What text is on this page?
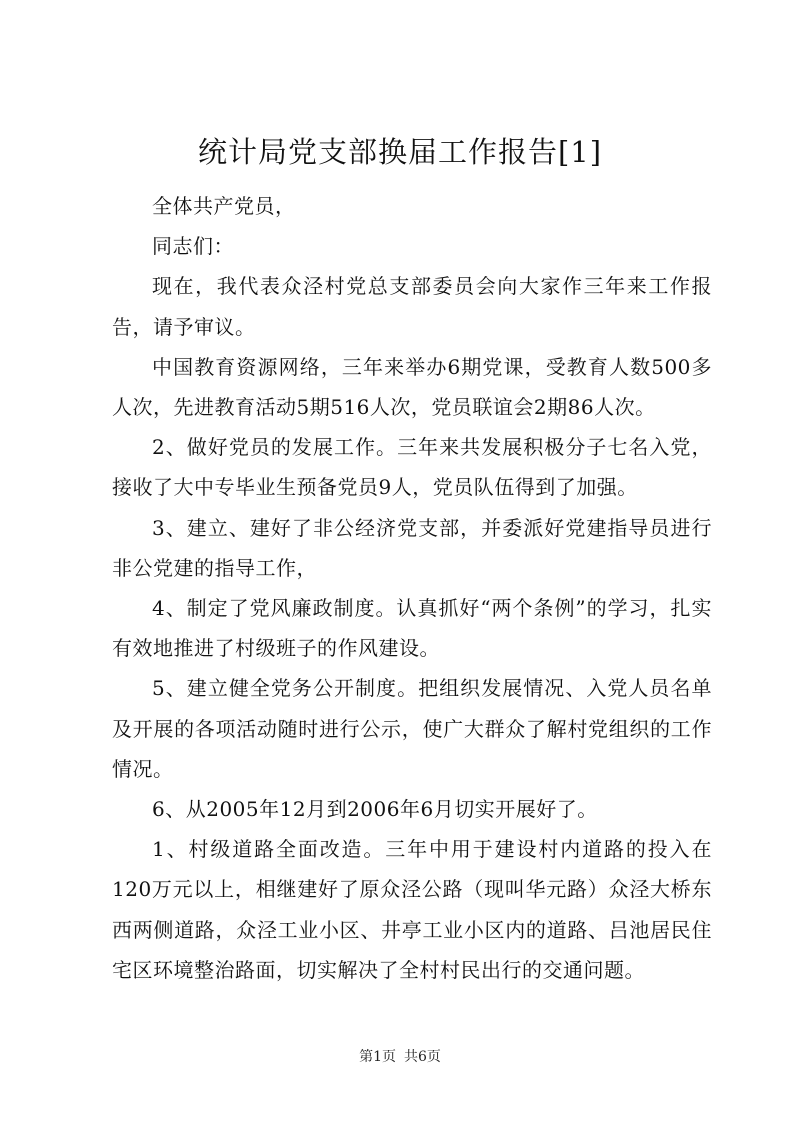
统计局党支部换届工作报告[1]

全体共产党员，

同志们：

现在，我代表众泾村党总支部委员会向大家作三年来工作报告，请予审议。

中国教育资源网络，三年来举办6期党课，受教育人数500多人次，先进教育活动5期516人次，党员联谊会2期86人次。

2、做好党员的发展工作。三年来共发展积极分子七名入党，接收了大中专毕业生预备党员9人，党员队伍得到了加强。

3、建立、建好了非公经济党支部，并委派好党建指导员进行非公党建的指导工作，

4、制定了党风廉政制度。认真抓好“两个条例”的学习，扎实有效地推进了村级班子的作风建设。

5、建立健全党务公开制度。把组织发展情况、入党人员名单及开展的各项活动随时进行公示，使广大群众了解村党组织的工作情况。

6、从2005年12月到2006年6月切实开展好了。

1、村级道路全面改造。三年中用于建设村内道路的投入在120万元以上，相继建好了原众泾公路（现叫华元路）众泾大桥东西两侧道路，众泾工业小区、井亭工业小区内的道路、吕池居民住宅区环境整治路面，切实解决了全村村民出行的交通问题。

第1页 共6页
